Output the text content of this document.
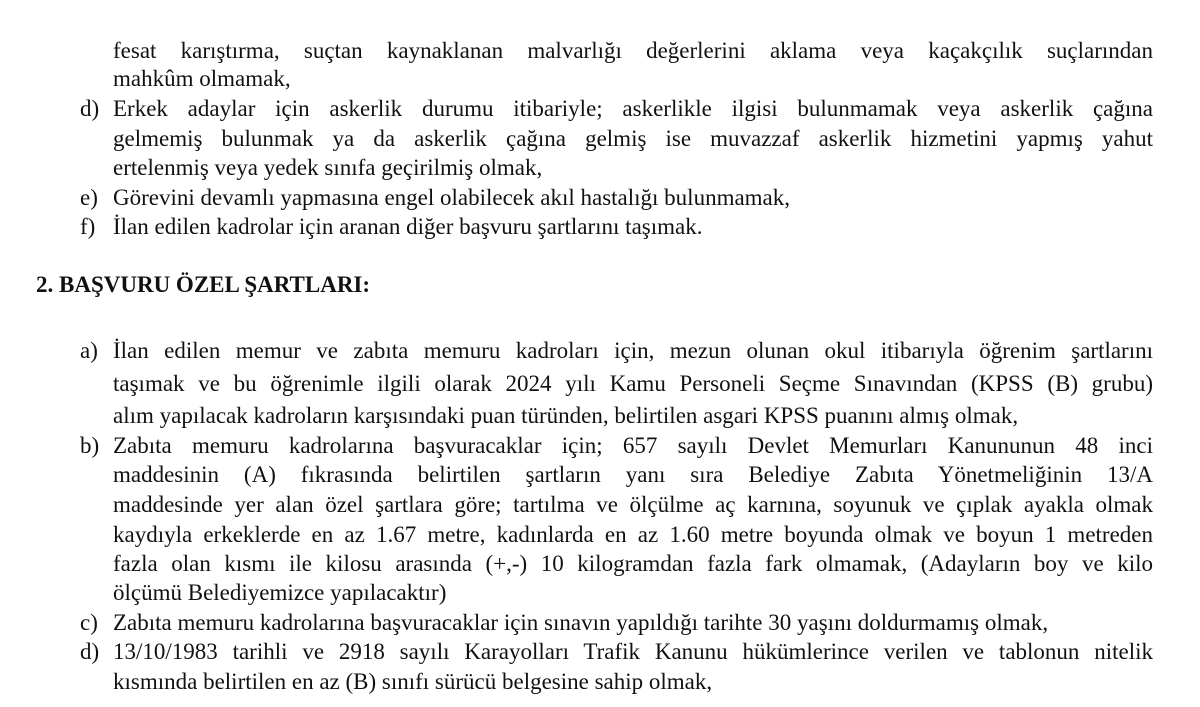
fesat karıştırma, suçtan kaynaklanan malvarlığı değerlerini aklama veya kaçakçılık suçlarından
mahkûm olmamak,
d) Erkek adaylar için askerlik durumu itibariyle; askerlikle ilgisi bulunmamak veya askerlik çağına
gelmemiş bulunmak ya da askerlik çağına gelmiş ise muvazzaf askerlik hizmetini yapmış yahut
ertelenmiş veya yedek sınıfa geçirilmiş olmak,
e) Görevini devamlı yapmasına engel olabilecek akıl hastalığı bulunmamak,
f) İlan edilen kadrolar için aranan diğer başvuru şartlarını taşımak.
2. BAŞVURU ÖZEL ŞARTLARI:
a) İlan edilen memur ve zabıta memuru kadroları için, mezun olunan okul itibarıyla öğrenim şartlarını
taşımak ve bu öğrenimle ilgili olarak 2024 yılı Kamu Personeli Seçme Sınavından (KPSS (B) grubu)
alım yapılacak kadroların karşısındaki puan türünden, belirtilen asgari KPSS puanını almış olmak,
b) Zabıta memuru kadrolarına başvuracaklar için; 657 sayılı Devlet Memurları Kanununun 48 inci
maddesinin (A) fıkrasında belirtilen şartların yanı sıra Belediye Zabıta Yönetmeliğinin 13/A
maddesinde yer alan özel şartlara göre; tartılma ve ölçülme aç karnına, soyunuk ve çıplak ayakla olmak
kaydıyla erkeklerde en az 1.67 metre, kadınlarda en az 1.60 metre boyunda olmak ve boyun 1 metreden
fazla olan kısmı ile kilosu arasında (+,-) 10 kilogramdan fazla fark olmamak, (Adayların boy ve kilo
ölçümü Belediyemizce yapılacaktır)
c) Zabıta memuru kadrolarına başvuracaklar için sınavın yapıldığı tarihte 30 yaşını doldurmamış olmak,
d) 13/10/1983 tarihli ve 2918 sayılı Karayolları Trafik Kanunu hükümlerince verilen ve tablonun nitelik
kısmında belirtilen en az (B) sınıfı sürücü belgesine sahip olmak,
